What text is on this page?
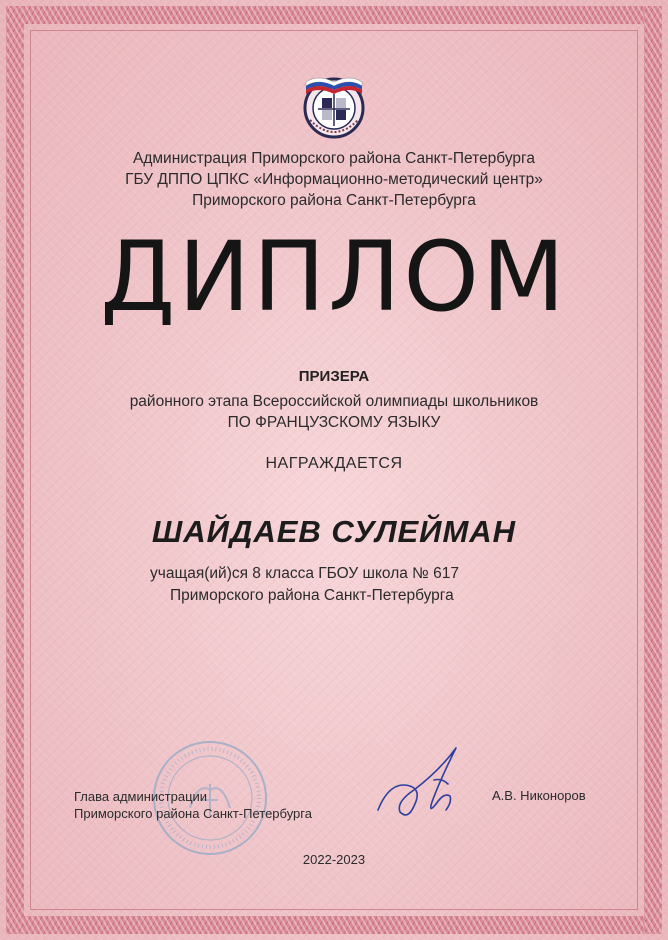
Администрация Приморского района Санкт-Петербурга
ГБУ ДППО ЦПКС «Информационно-методический центр»
Приморского района Санкт-Петербурга
ДИПЛОМ
ПРИЗЕРА
районного этапа Всероссийской олимпиады школьников
ПО ФРАНЦУЗСКОМУ ЯЗЫКУ
НАГРАЖДАЕТСЯ
ШАЙДАЕВ СУЛЕЙМАН
учащая(ий)ся 8 класса ГБОУ школа № 617
Приморского района Санкт-Петербурга
Глава администрации
Приморского района Санкт-Петербурга
А.В. Никоноров
2022-2023
